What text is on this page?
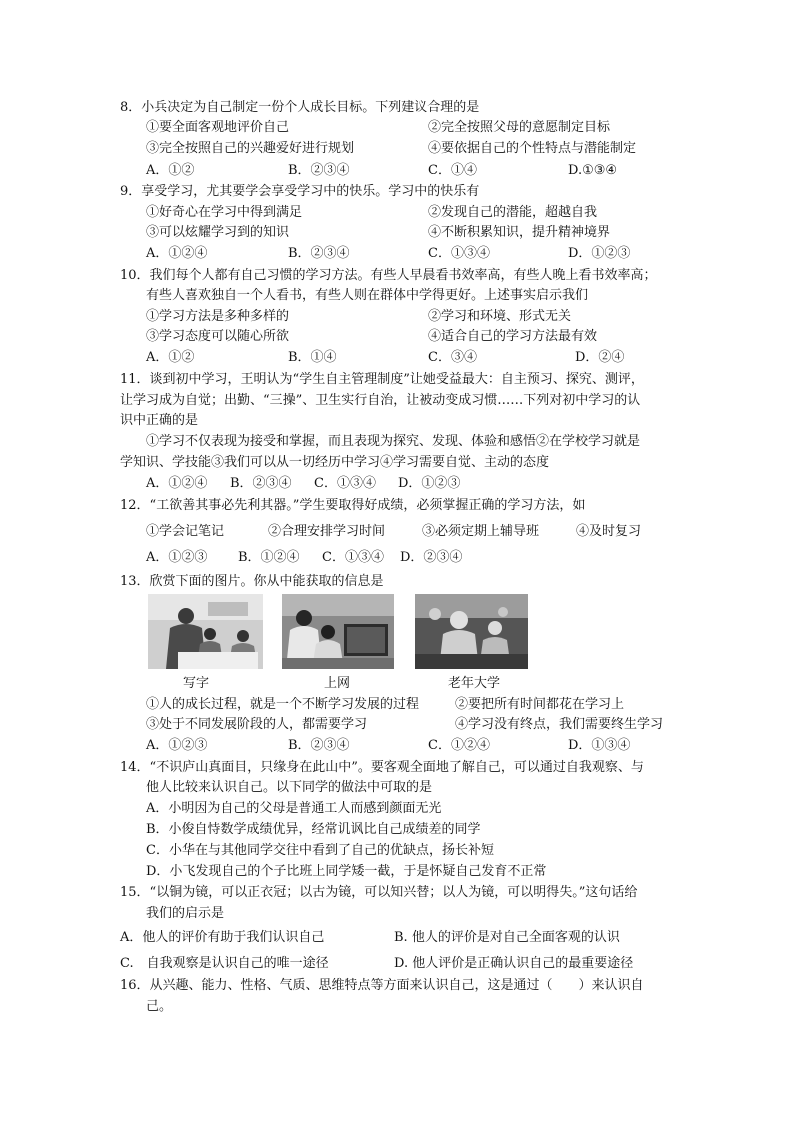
8．小兵决定为自己制定一份个人成长目标。下列建议合理的是
①要全面客观地评价自己	②完全按照父母的意愿制定目标
③完全按照自己的兴趣爱好进行规划	④要依据自己的个性特点与潜能制定
A．①②	B．②③④	C．①④	D.①③④
9．享受学习，尤其要学会享受学习中的快乐。学习中的快乐有
①好奇心在学习中得到满足	②发现自己的潜能，超越自我
③可以炫耀学习到的知识	④不断积累知识，提升精神境界
A．①②④	B．②③④	C．①③④	D．①②③
10．我们每个人都有自己习惯的学习方法。有些人早晨看书效率高，有些人晚上看书效率高；
有些人喜欢独自一个人看书，有些人则在群体中学得更好。上述事实启示我们
①学习方法是多种多样的	②学习和环境、形式无关
③学习态度可以随心所欲	④适合自己的学习方法最有效
A．①②	B．①④	C．③④	D．②④
11．谈到初中学习，王明认为“学生自主管理制度”让她受益最大：自主预习、探究、测评，
让学习成为自觉；出勤、“三操”、卫生实行自治，让被动变成习惯……下列对初中学习的认
识中正确的是
①学习不仅表现为接受和掌握，而且表现为探究、发现、体验和感悟②在学校学习就是
学知识、学技能③我们可以从一切经历中学习④学习需要自觉、主动的态度
A．①②④ B．②③④ C．①③④ D．①②③
12．“工欲善其事必先利其器。”学生要取得好成绩，必须掌握正确的学习方法，如
①学会记笔记	②合理安排学习时间	③必须定期上辅导班	④及时复习
A．①②③ B．①②④ C．①③④ D．②③④
13．欣赏下面的图片。你从中能获取的信息是
写字	上网	老年大学
①人的成长过程，就是一个不断学习发展的过程	②要把所有时间都花在学习上
③处于不同发展阶段的人，都需要学习	④学习没有终点，我们需要终生学习
A．①②③	B．②③④	C．①②④	D．①③④
14．“不识庐山真面目，只缘身在此山中”。要客观全面地了解自己，可以通过自我观察、与
他人比较来认识自己。以下同学的做法中可取的是
A．小明因为自己的父母是普通工人而感到颜面无光
B．小俊自恃数学成绩优异，经常讥讽比自己成绩差的同学
C．小华在与其他同学交往中看到了自己的优缺点，扬长补短
D．小飞发现自己的个子比班上同学矮一截，于是怀疑自己发育不正常
15．“以铜为镜，可以正衣冠；以古为镜，可以知兴替；以人为镜，可以明得失。”这句话给
我们的启示是
A．他人的评价有助于我们认识自己	B. 他人的评价是对自己全面客观的认识
C.　自我观察是认识自己的唯一途径	D. 他人评价是正确认识自己的最重要途径
16．从兴趣、能力、性格、气质、思维特点等方面来认识自己，这是通过（　　）来认识自
己。
